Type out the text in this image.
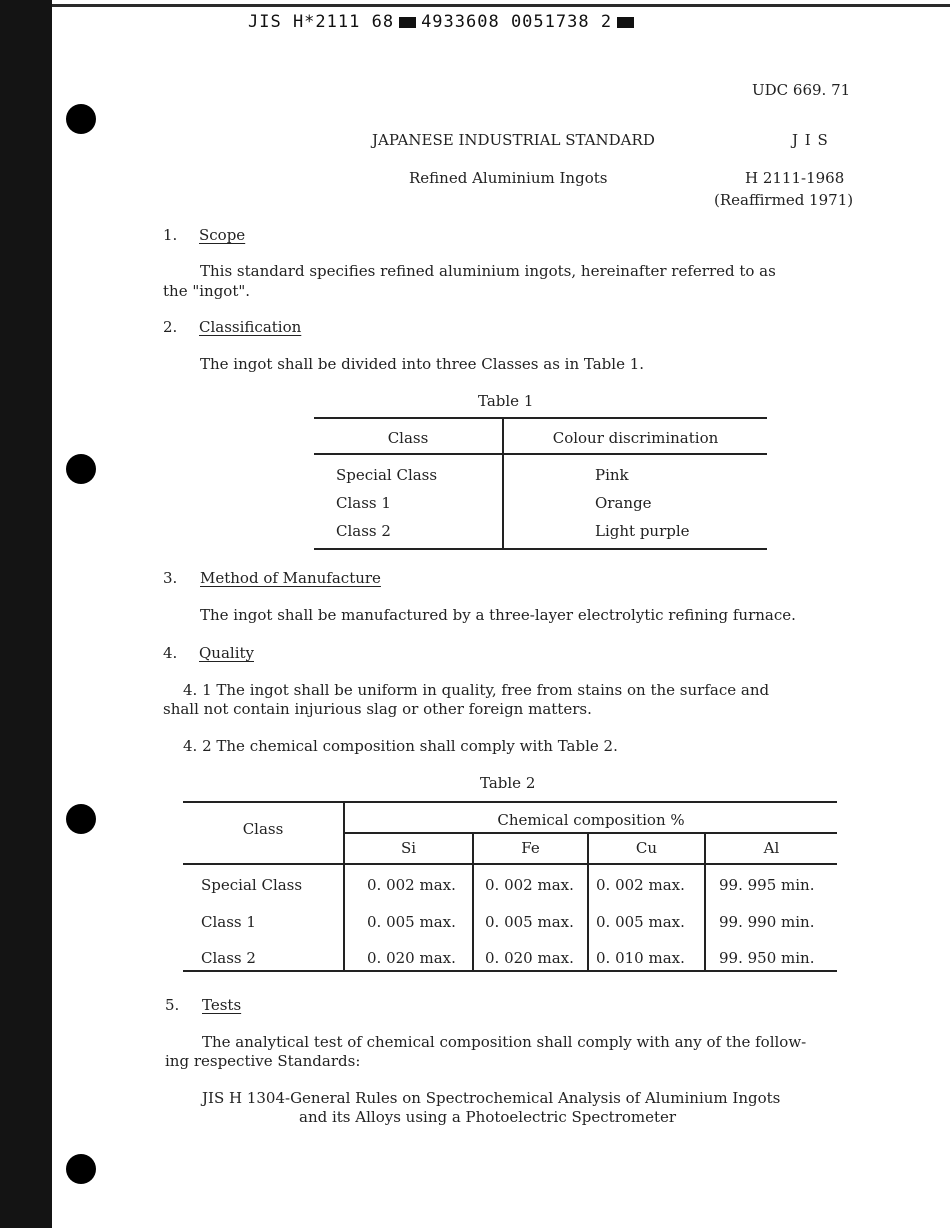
JIS H*2111 68 4933608 0051738 2
UDC 669. 71
JAPANESE INDUSTRIAL STANDARD	J I S
Refined Aluminium Ingots	H 2111-1968
(Reaffirmed 1971)
1. Scope
This standard specifies refined aluminium ingots, hereinafter referred to as
the "ingot".
2. Classification
The ingot shall be divided into three Classes as in Table 1.
Table 1
Class	Colour discrimination
Special Class	Pink
Class 1	Orange
Class 2	Light purple
3. Method of Manufacture
The ingot shall be manufactured by a three-layer electrolytic refining furnace.
4. Quality
4. 1 The ingot shall be uniform in quality, free from stains on the surface and
shall not contain injurious slag or other foreign matters.
4. 2 The chemical composition shall comply with Table 2.
Table 2
Class	Chemical composition %
Si	Fe	Cu	Al
Special Class	0. 002 max. 0. 002 max. 0. 002 max. 99. 995 min.
Class 1	0. 005 max. 0. 005 max. 0. 005 max. 99. 990 min.
Class 2	0. 020 max. 0. 020 max. 0. 010 max. 99. 950 min.
5. Tests
The analytical test of chemical composition shall comply with any of the follow-
ing respective Standards:
JIS H 1304-General Rules on Spectrochemical Analysis of Aluminium Ingots
and its Alloys using a Photoelectric Spectrometer
